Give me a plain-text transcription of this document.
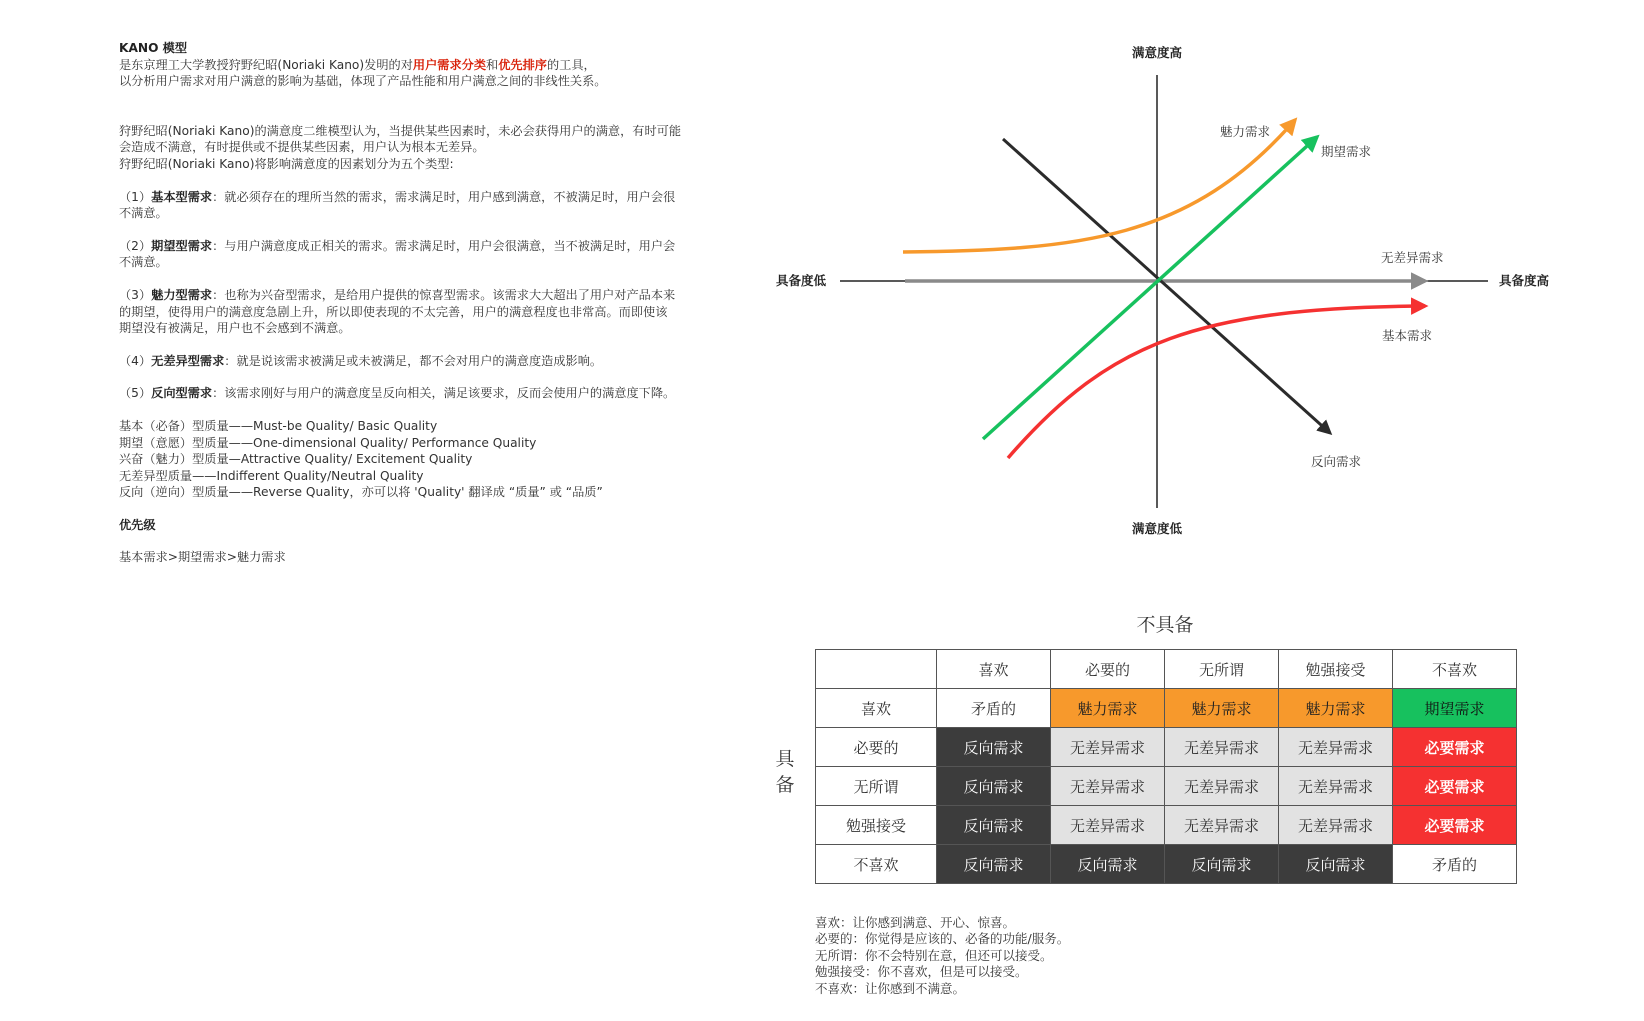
KANO 模型

是东京理工大学教授狩野纪昭(Noriaki Kano)发明的对用户需求分类和优先排序的工具，

以分析用户需求对用户满意的影响为基础，体现了产品性能和用户满意之间的非线性关系。

狩野纪昭(Noriaki Kano)的满意度二维模型认为，当提供某些因素时，未必会获得用户的满意，有时可能

会造成不满意，有时提供或不提供某些因素，用户认为根本无差异。

狩野纪昭(Noriaki Kano)将影响满意度的因素划分为五个类型:

（1）基本型需求：就必须存在的理所当然的需求，需求满足时，用户感到满意，不被满足时，用户会很

不满意。

（2）期望型需求：与用户满意度成正相关的需求。需求满足时，用户会很满意，当不被满足时，用户会

不满意。

（3）魅力型需求：也称为兴奋型需求，是给用户提供的惊喜型需求。该需求大大超出了用户对产品本来

的期望，使得用户的满意度急剧上升，所以即使表现的不太完善，用户的满意程度也非常高。而即使该

期望没有被满足，用户也不会感到不满意。

（4）无差异型需求：就是说该需求被满足或未被满足，都不会对用户的满意度造成影响。

（5）反向型需求：该需求刚好与用户的满意度呈反向相关，满足该要求，反而会使用户的满意度下降。

基本（必备）型质量——Must-be Quality/ Basic Quality

期望（意愿）型质量——One-dimensional Quality/ Performance Quality

兴奋（魅力）型质量—Attractive Quality/ Excitement Quality

无差异型质量——Indifferent Quality/Neutral Quality

反向（逆向）型质量——Reverse Quality，亦可以将 'Quality' 翻译成 “质量” 或 “品质”

优先级

基本需求>期望需求>魅力需求

满意度高
满意度低
具备度低	具备度高
魅力需求
期望需求
无差异需求
基本需求
反向需求
不具备
具
备
	喜欢	必要的	无所谓	勉强接受	不喜欢
喜欢	矛盾的	魅力需求	魅力需求	魅力需求	期望需求
必要的	反向需求	无差异需求	无差异需求	无差异需求	必要需求
无所谓	反向需求	无差异需求	无差异需求	无差异需求	必要需求
勉强接受	反向需求	无差异需求	无差异需求	无差异需求	必要需求
不喜欢	反向需求	反向需求	反向需求	反向需求	矛盾的

喜欢：让你感到满意、开心、惊喜。

必要的：你觉得是应该的、必备的功能/服务。

无所谓：你不会特别在意，但还可以接受。

勉强接受：你不喜欢，但是可以接受。

不喜欢：让你感到不满意。
